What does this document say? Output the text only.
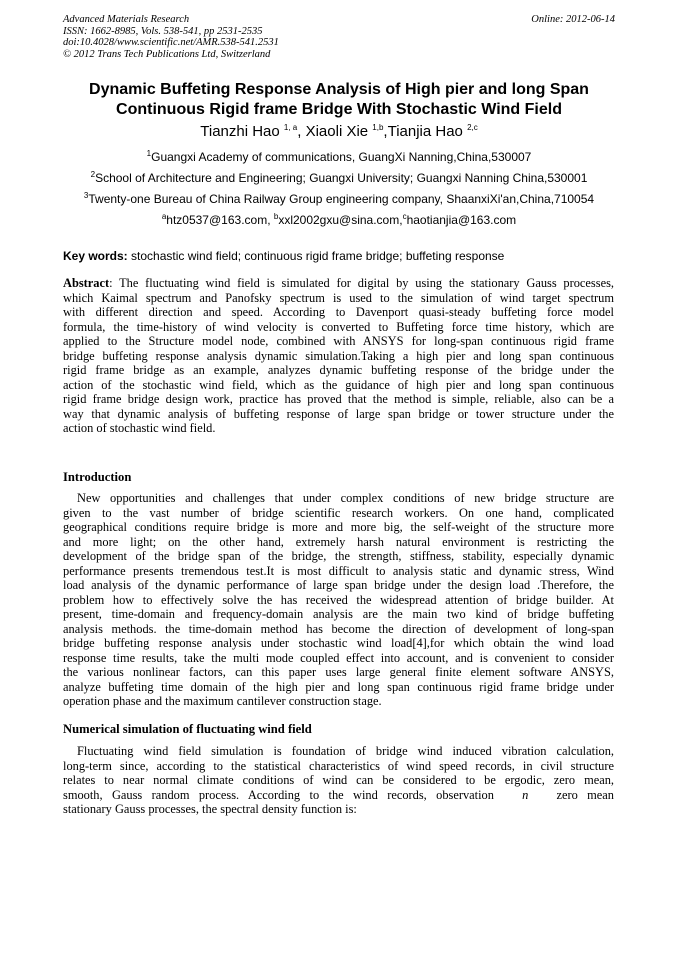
Advanced Materials Research
ISSN: 1662-8985, Vols. 538-541, pp 2531-2535
doi:10.4028/www.scientific.net/AMR.538-541.2531
© 2012 Trans Tech Publications Ltd, Switzerland
Online: 2012-06-14
Dynamic Buffeting Response Analysis of High pier and long Span
Continuous Rigid frame Bridge With Stochastic Wind Field
Tianzhi Hao $^{1, a}$, Xiaoli Xie $^{1,b}$,Tianjia Hao $^{2,c}$
$^1$Guangxi Academy of communications, GuangXi Nanning,China,530007
$^2$School of Architecture and Engineering; Guangxi University; Guangxi Nanning China,530001
$^3$Twenty-one Bureau of China Railway Group engineering company, ShaanxiXi'an,China,710054
$^a$htz0537@163.com, $^b$xxl2002gxu@sina.com,$^c$haotianjia@163.com
Key words: stochastic wind field; continuous rigid frame bridge; buffeting response
Abstract: The fluctuating wind field is simulated for digital by using the stationary Gauss processes,
which Kaimal spectrum and Panofsky spectrum is used to the simulation of wind target spectrum
with different direction and speed. According to Davenport quasi-steady buffeting force model
formula, the time-history of wind velocity is converted to Buffeting force time history, which are
applied to the Structure model node, combined with ANSYS for long-span continuous rigid frame
bridge buffeting response analysis dynamic simulation.Taking a high pier and long span continuous
rigid frame bridge as an example, analyzes dynamic buffeting response of the bridge under the
action of the stochastic wind field, which as the guidance of high pier and long span continuous
rigid frame bridge design work, practice has proved that the method is simple, reliable, also can be a
way that dynamic analysis of buffeting response of large span bridge or tower structure under the
action of stochastic wind field.
Introduction
New opportunities and challenges that under complex conditions of new bridge structure are
given to the vast number of bridge scientific research workers. On one hand, complicated
geographical conditions require bridge is more and more big, the self-weight of the structure more
and more light; on the other hand, extremely harsh natural environment is restricting the
development of the bridge span of the bridge, the strength, stiffness, stability, especially dynamic
performance presents tremendous test.It is most difficult to analysis static and dynamic stress, Wind
load analysis of the dynamic performance of large span bridge under the design load .Therefore, the
problem how to effectively solve the has received the widespread attention of bridge builder. At
present, time-domain and frequency-domain analysis are the main two kind of bridge buffeting
analysis methods. the time-domain method has become the direction of development of long-span
bridge buffeting response analysis under stochastic wind load[4],for which obtain the wind load
response time results, take the multi mode coupled effect into account, and is convenient to consider
the various nonlinear factors, can this paper uses large general finite element software ANSYS,
analyze buffeting time domain of the high pier and long span continuous rigid frame bridge under
operation phase and the maximum cantilever construction stage.
Numerical simulation of fluctuating wind field
Fluctuating wind field simulation is foundation of bridge wind induced vibration calculation,
long-term since, according to the statistical characteristics of wind speed records, in civil structure
relates to near normal climate conditions of wind can be considered to be ergodic, zero mean,
smooth, Gauss random process. According to the wind records, observation n zero mean
stationary Gauss processes, the spectral density function is:
